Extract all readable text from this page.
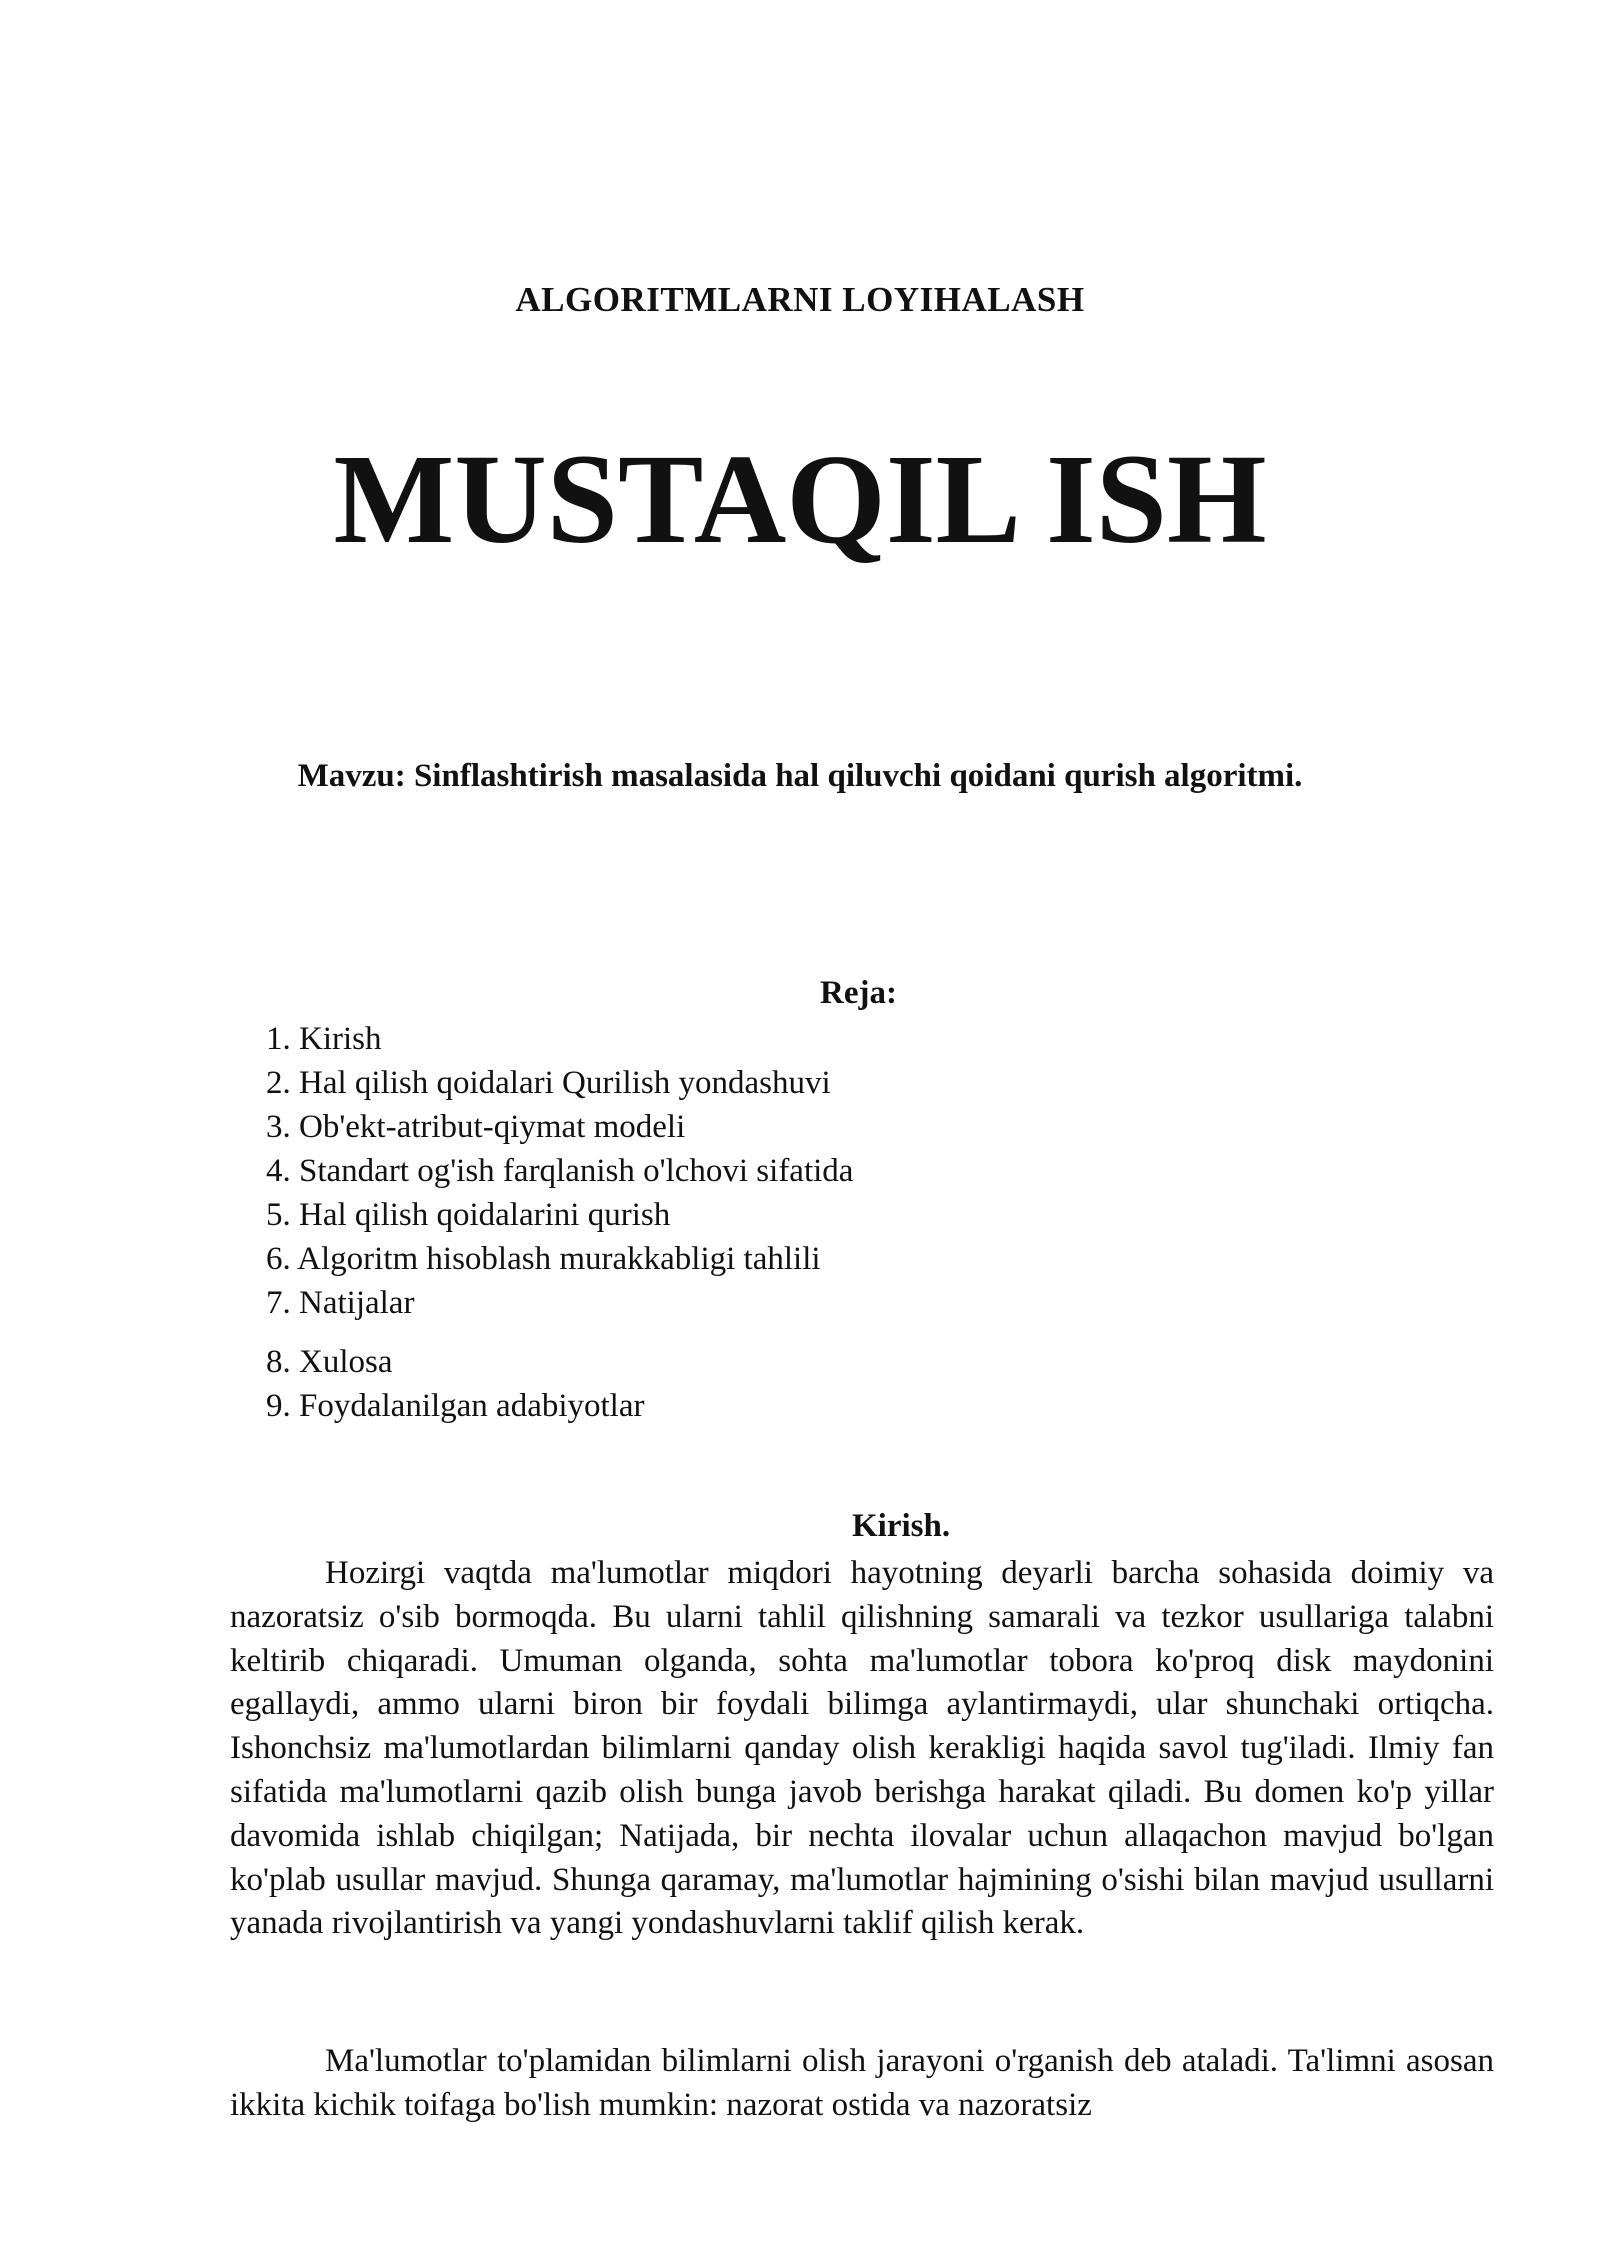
ALGORITMLARNI LOYIHALASH
MUSTAQIL ISH
Mavzu: Sinflashtirish masalasida hal qiluvchi qoidani qurish algoritmi.
Reja:
1. Kirish
2. Hal qilish qoidalari Qurilish yondashuvi
3. Ob'ekt-atribut-qiymat modeli
4. Standart og'ish farqlanish o'lchovi sifatida
5. Hal qilish qoidalarini qurish
6. Algoritm hisoblash murakkabligi tahlili
7. Natijalar
8. Xulosa
9. Foydalanilgan adabiyotlar
Kirish.

Hozirgi vaqtda ma'lumotlar miqdori hayotning deyarli barcha sohasida doimiy va nazoratsiz o'sib bormoqda. Bu ularni tahlil qilishning samarali va tezkor usullariga talabni keltirib chiqaradi. Umuman olganda, sohta ma'lumotlar tobora ko'proq disk maydonini egallaydi, ammo ularni biron bir foydali bilimga aylantirmaydi, ular shunchaki ortiqcha. Ishonchsiz ma'lumotlardan bilimlarni qanday olish kerakligi haqida savol tug'iladi. Ilmiy fan sifatida ma'lumotlarni qazib olish bunga javob berishga harakat qiladi. Bu domen ko'p yillar davomida ishlab chiqilgan; Natijada, bir nechta ilovalar uchun allaqachon mavjud bo'lgan ko'plab usullar mavjud. Shunga qaramay, ma'lumotlar hajmining o'sishi bilan mavjud usullarni yanada rivojlantirish va yangi yondashuvlarni taklif qilish kerak.

Ma'lumotlar to'plamidan bilimlarni olish jarayoni o'rganish deb ataladi. Ta'limni asosan ikkita kichik toifaga bo'lish mumkin: nazorat ostida va nazoratsiz
